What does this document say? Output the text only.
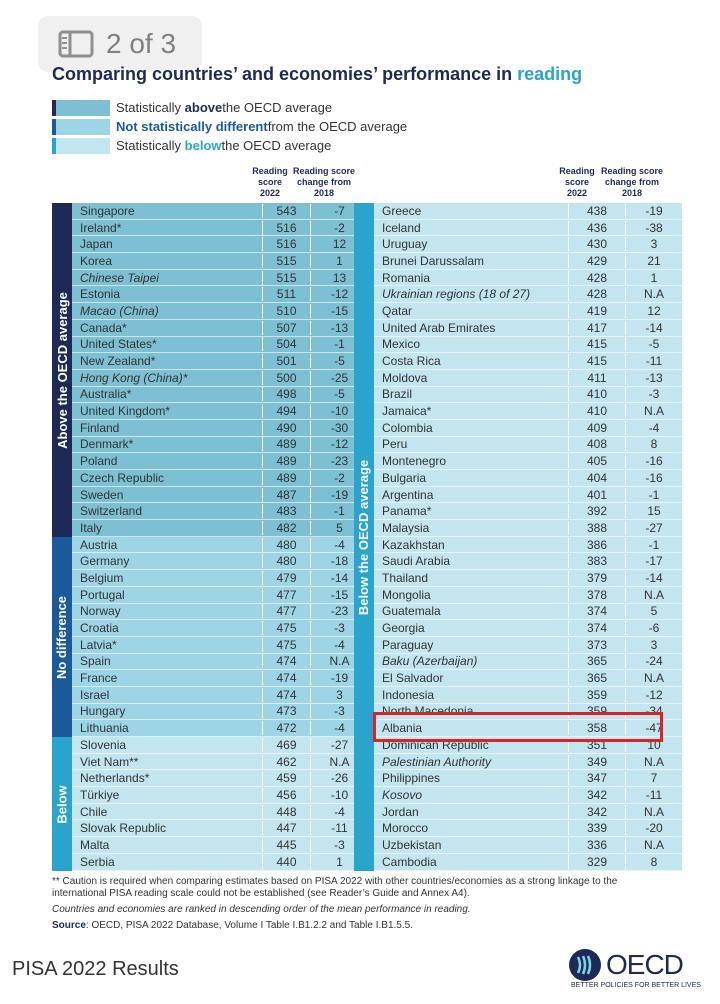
2 of 3
Comparing countries’ and economies’ performance in reading
Statistically
above the OECD average
Not statistically different from the OECD average
Statistically
below the OECD average
Reading score 2022
Reading score change from 2018
Reading score 2022
Reading score change from 2018
Singapore	543	-7
Ireland*	516	-2
Japan	516	12
Korea	515	1
Chinese Taipei	515	13
Estonia	511	-12
Macao (China)	510	-15
Canada*	507	-13
United States*	504	-1
New Zealand*	501	-5
Hong Kong (China)*	500	-25
Australia*	498	-5
United Kingdom*	494	-10
Finland	490	-30
Denmark*	489	-12
Poland	489	-23
Czech Republic	489	-2
Sweden	487	-19
Switzerland	483	-1
Italy	482	5
Austria	480	-4
Germany	480	-18
Belgium	479	-14
Portugal	477	-15
Norway	477	-23
Croatia	475	-3
Latvia*	475	-4
Spain	474	N.A
France	474	-19
Israel	474	3
Hungary	473	-3
Lithuania	472	-4
Slovenia	469	-27
Viet Nam**	462	N.A
Netherlands*	459	-26
Türkiye	456	-10
Chile	448	-4
Slovak Republic	447	-11
Malta	445	-3
Serbia	440	1
Greece	438	-19
Iceland	436	-38
Uruguay	430	3
Brunei Darussalam	429	21
Romania	428	1
Ukrainian regions (18 of 27)	428	N.A
Qatar	419	12
United Arab Emirates	417	-14
Mexico	415	-5
Costa Rica	415	-11
Moldova	411	-13
Brazil	410	-3
Jamaica*	410	N.A
Colombia	409	-4
Peru	408	8
Montenegro	405	-16
Bulgaria	404	-16
Argentina	401	-1
Panama*	392	15
Malaysia	388	-27
Kazakhstan	386	-1
Saudi Arabia	383	-17
Thailand	379	-14
Mongolia	378	N.A
Guatemala	374	5
Georgia	374	-6
Paraguay	373	3
Baku (Azerbaijan)	365	-24
El Salvador	365	N.A
Indonesia	359	-12
North Macedonia	359	-34
Albania	358	-47
Dominican Republic	351	10
Palestinian Authority	349	N.A
Philippines	347	7
Kosovo	342	-11
Jordan	342	N.A
Morocco	339	-20
Uzbekistan	336	N.A
Cambodia	329	8
Above the OECD average
No difference
Below
Below the OECD average

** Caution is required when comparing estimates based on PISA 2022 with other countries/economies as a strong linkage to the international PISA reading scale could not be established (see Reader’s Guide and Annex A4).

Countries and economies are ranked in descending order of the mean performance in reading.

Source: OECD, PISA 2022 Database, Volume I Table I.B1.2.2 and Table I.B1.5.5.

PISA 2022 Results	OECD
BETTER POLICIES FOR BETTER LIVES
